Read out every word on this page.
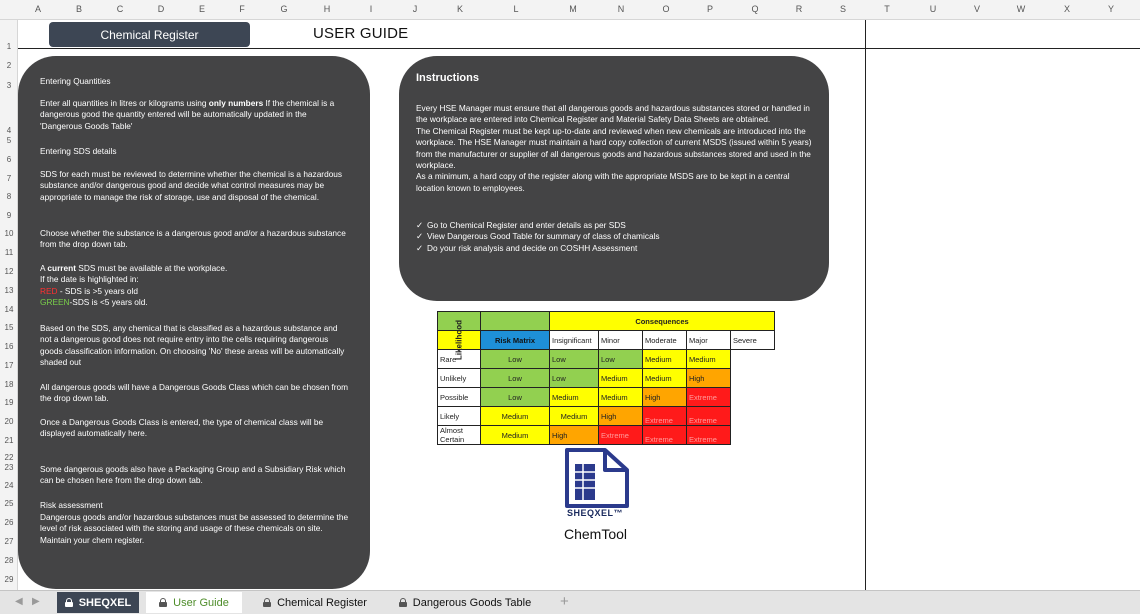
A	B	C	D	E	F	G	H	I	J	K	L	M	N	O	P	Q	R	S	T	U	V	W	X	Y
1
2
3
4
5
6
7
8
9
10
11
12
13
14
15
16
17
18
19
20
21
22
23
24
25
26
27
28
29
Chemical Register	USER GUIDE
Entering Quantities
Enter all quantities in litres or kilograms using only numbers If the chemical is a dangerous good the quantity entered will be automatically updated in the 'Dangerous Goods Table'
Entering SDS details
SDS for each must be reviewed to determine whether the chemical is a hazardous substance and/or dangerous good and decide what control measures may be appropriate to manage the risk of storage, use and disposal of the chemical.
Choose whether the substance is a dangerous good and/or a hazardous substance from the drop down tab.
A current SDS must be available at the workplace.
If the date is highlighted in:
RED - SDS is >5 years old
GREEN-SDS is <5 years old.
Based on the SDS, any chemical that is classified as a hazardous substance and not a dangerous good does not require entry into the cells requiring dangerous goods classification information. On choosing 'No' these areas will be automatically shaded out
All dangerous goods will have a Dangerous Goods Class which can be chosen from the drop down tab.
Once a Dangerous Goods Class is entered, the type of chemical class will be displayed automatically here.
Some dangerous goods also have a Packaging Group and a Subsidiary Risk which can be chosen here from the drop down tab.
Risk assessment
Dangerous goods and/or hazardous substances must be assessed to determine the level of risk associated with the storing and usage of these chemicals on site. Maintain your chem register.
Instructions
Every HSE Manager must ensure that all dangerous goods and hazardous substances stored or handled in the workplace are entered into Chemical Register and Material Safety Data Sheets are obtained.
The Chemical Register must be kept up-to-date and reviewed when new chemicals are introduced into the workplace. The HSE Manager must maintain a hard copy collection of current MSDS (issued within 5 years) from the manufacturer or supplier of all dangerous goods and hazardous substances stored and used in the workplace.
As a minimum, a hard copy of the register along with the appropriate MSDS are to be kept in a central location known to employees.
✓ Go to Chemical Register and enter details as per SDS
✓ View Dangerous Good Table for summary of class of chamicals
✓ Do your risk analysis and decide on COSHH Assessment
		Consequences				

Likelihood	Risk Matrix	Insignificant	Minor	Moderate	Major	Severe
Rare	Low	Low	Low	Medium	Medium	
Unlikely	Low	Low	Medium	Medium	High	
Possible	Low	Medium	Medium	High	Extreme	
Likely	Medium	Medium	High	Extreme	Extreme	
Almost Certain	Medium	High	Extreme	Extreme	Extreme	
SHEQXEL™
ChemTool
◀ ▶	SHEQXEL	User Guide	Chemical Register	Dangerous Goods Table +
